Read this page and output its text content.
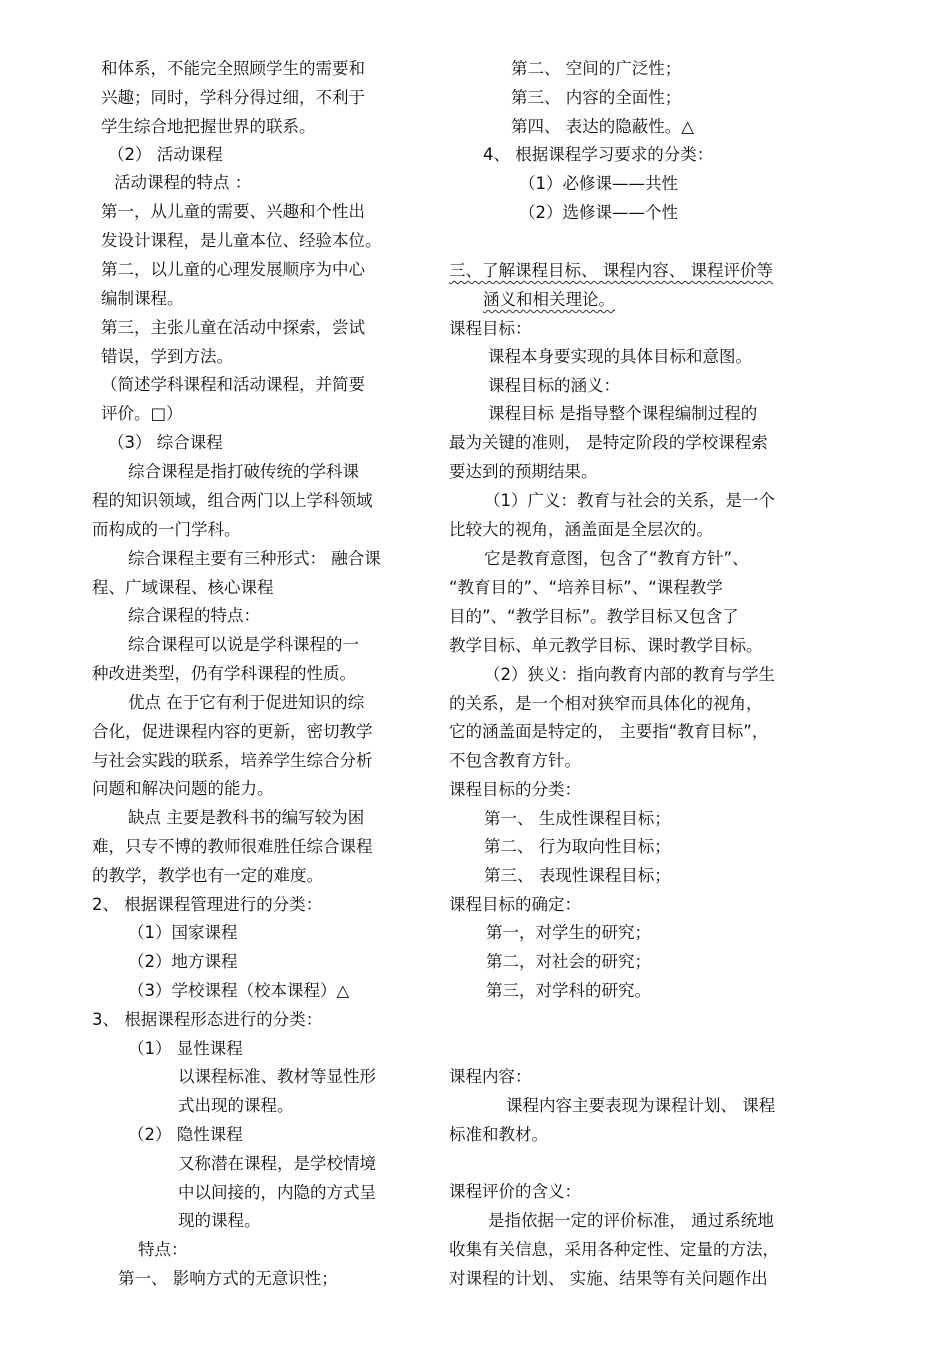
和体系，不能完全照顾学生的需要和
兴趣；同时，学科分得过细，不利于
学生综合地把握世界的联系。
（2） 活动课程
活动课程的特点 ：
第一，从儿童的需要、兴趣和个性出
发设计课程，是儿童本位、经验本位。
第二，以儿童的心理发展顺序为中心
编制课程。
第三，主张儿童在活动中探索，尝试
错误，学到方法。
（简述学科课程和活动课程，并简要
评价。□）
（3） 综合课程
综合课程是指打破传统的学科课
程的知识领域，组合两门以上学科领域
而构成的一门学科。
综合课程主要有三种形式： 融合课
程、广域课程、核心课程
综合课程的特点：
综合课程可以说是学科课程的一
种改进类型，仍有学科课程的性质。
优点 在于它有利于促进知识的综
合化，促进课程内容的更新，密切教学
与社会实践的联系，培养学生综合分析
问题和解决问题的能力。
缺点 主要是教科书的编写较为困
难，只专不博的教师很难胜任综合课程
的教学，教学也有一定的难度。
2、 根据课程管理进行的分类：
（1）国家课程
（2）地方课程
（3）学校课程（校本课程）△
3、 根据课程形态进行的分类：
（1） 显性课程
以课程标准、教材等显性形
式出现的课程。
（2） 隐性课程
又称潜在课程，是学校情境
中以间接的，内隐的方式呈
现的课程。
特点：
第一、 影响方式的无意识性；
第二、 空间的广泛性；
第三、 内容的全面性；
第四、 表达的隐蔽性。△
4、 根据课程学习要求的分类：
（1）必修课——共性
（2）选修课——个性
三、了解课程目标、 课程内容、 课程评价等
涵义和相关理论。
课程目标：
课程本身要实现的具体目标和意图。
课程目标的涵义：
课程目标 是指导整个课程编制过程的
最为关键的准则， 是特定阶段的学校课程索
要达到的预期结果。
（1）广义：教育与社会的关系，是一个
比较大的视角，涵盖面是全层次的。
它是教育意图，包含了“教育方针”、
“教育目的”、“培养目标”、“课程教学
目的”、“教学目标”。教学目标又包含了
教学目标、单元教学目标、课时教学目标。
（2）狭义：指向教育内部的教育与学生
的关系，是一个相对狭窄而具体化的视角，
它的涵盖面是特定的， 主要指“教育目标”，
不包含教育方针。
课程目标的分类：
第一、 生成性课程目标；
第二、 行为取向性目标；
第三、 表现性课程目标；
课程目标的确定：
第一，对学生的研究；
第二，对社会的研究；
第三，对学科的研究。
课程内容：
课程内容主要表现为课程计划、 课程
标准和教材。
课程评价的含义：
是指依据一定的评价标准， 通过系统地
收集有关信息，采用各种定性、定量的方法，
对课程的计划、 实施、结果等有关问题作出
